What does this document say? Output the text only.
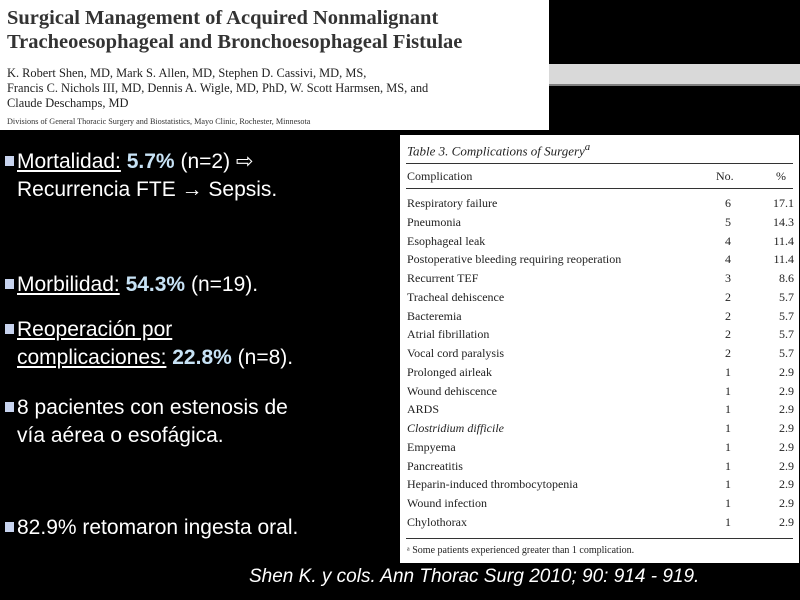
Surgical Management of Acquired Nonmalignant
Tracheoesophageal and Bronchoesophageal Fistulae

K. Robert Shen, MD, Mark S. Allen, MD, Stephen D. Cassivi, MD, MS,
Francis C. Nichols III, MD, Dennis A. Wigle, MD, PhD, W. Scott Harmsen, MS, and
Claude Deschamps, MD

Divisions of General Thoracic Surgery and Biostatistics, Mayo Clinic, Rochester, Minnesota

Mortalidad: 5.7% (n=2) ⇨
Recurrencia FTE → Sepsis.
Morbilidad: 54.3% (n=19).
Reoperación por
complicaciones: 22.8% (n=8).
8 pacientes con estenosis de
vía aérea o esofágica.
82.9% retomaron ingesta oral.

Table 3. Complications of Surgery$^a$

Complication	No.	%
Respiratory failure	6	17.1
Pneumonia	5	14.3
Esophageal leak	4	11.4
Postoperative bleeding requiring reoperation	4	11.4
Recurrent TEF	3	8.6
Tracheal dehiscence	2	5.7
Bacteremia	2	5.7
Atrial fibrillation	2	5.7
Vocal cord paralysis	2	5.7
Prolonged airleak	1	2.9
Wound dehiscence	1	2.9
ARDS	1	2.9
Clostridium difficile	1	2.9
Empyema	1	2.9
Pancreatitis	1	2.9
Heparin-induced thrombocytopenia	1	2.9
Wound infection	1	2.9
Chylothorax	1	2.9

ᵃ Some patients experienced greater than 1 complication.

Shen K. y cols. Ann Thorac Surg 2010; 90: 914 - 919.
